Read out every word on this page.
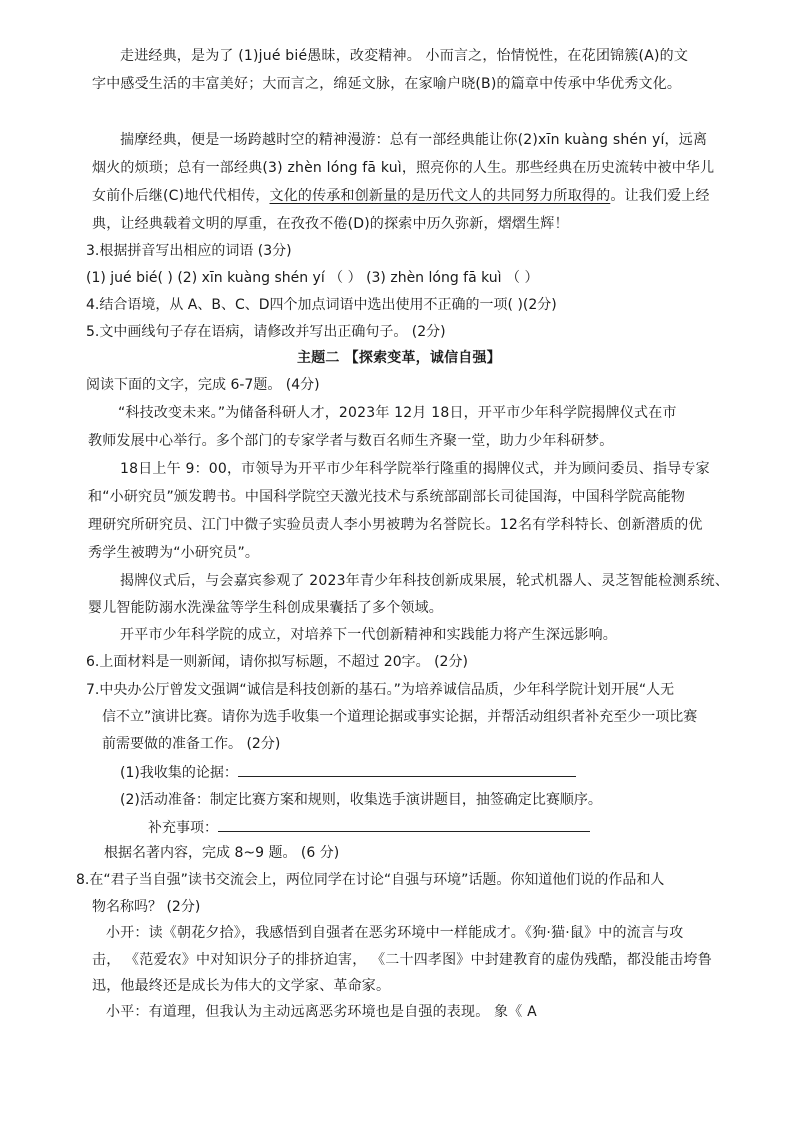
走进经典，是为了 (1)jué bié愚昧，改変精神。 小而言之，怡情悦性，在花团锦簇(A)的文
字中感受生活的丰富美好；大而言之，绵延文脉，在家喻户晓(B)的篇章中传承中华优秀文化。
揣摩经典，便是一场跨越时空的精神漫游：总有一部经典能让你(2)xīn kuàng shén yí，远离
烟火的烦琐；总有一部经典(3) zhèn lóng fā kuì，照亮你的人生。那些经典在历史流转中被中华儿
女前仆后继(C)地代代相传，文化的传承和创新量的是历代文人的共同努力所取得的。让我们爱上经
典，让经典载着文明的厚重，在孜孜不倦(D)的探索中历久弥新，熠熠生辉！
3.根据拼音写出相应的词语 (3分)
(1) jué bié( ) (2) xīn kuàng shén yí （ ） (3) zhèn lóng fā kuì （ ）
4.结合语境，从 A、B、C、D四个加点词语中选出使用不正确的一项( )(2分)
5.文中画线句子存在语病，请修改并写出正确句子。 (2分)
主题二 【探索变革，诚信自强】
阅读下面的文字，完成 6-7题。 (4分)
“科技改变未来。”为储备科研人才，2023年 12月 18日，开平市少年科学院揭牌仪式在市
教师发展中心举行。多个部门的专家学者与数百名师生齐聚一堂，助力少年科研梦。
18日上午 9：00，市领导为开平市少年科学院举行隆重的揭牌仪式，并为顾问委员、指导专家
和“小研究员”颁发聘书。中国科学院空天激光技术与系统部副部长司徒国海，中国科学院高能物
理研究所研究员、江门中微子实验员责人李小男被聘为名誉院长。12名有学科特长、创新潜质的优
秀学生被聘为“小研究员”。
揭牌仪式后，与会嘉宾参观了 2023年青少年科技创新成果展，轮式机器人、灵芝智能检测系统、
婴儿智能防溺水洗澡盆等学生科创成果囊括了多个领域。
开平市少年科学院的成立，对培养下一代创新精神和实践能力将产生深远影响。
6.上面材料是一则新闻，请你拟写标题，不超过 20字。 (2分)
7.中央办公厅曾发文强调“诚信是科技创新的基石。”为培养诚信品质，少年科学院计划开展“人无
信不立”演讲比赛。请你为选手收集一个道理论据或事实论据，并帮活动组织者补充至少一项比赛
前需要做的准备工作。 (2分)
(1)我收集的论据：
(2)活动准备：制定比赛方案和规则，收集选手演讲题目，抽签确定比赛顺序。
补充事项：
根据名著内容，完成 8~9 题。 (6 分)
8.在“君子当自强”读书交流会上，两位同学在讨论“自强与环境”话题。你知道他们说的作品和人
物名称吗？ (2分)
小开：读《朝花夕拾》，我感悟到自强者在恶劣环境中一样能成才。《狗·猫·鼠》中的流言与攻
击， 《范爱农》中对知识分子的排挤迫害， 《二十四孝图》中封建教育的虚伪残酷，都没能击垮鲁
迅，他最终还是成长为伟大的文学家、革命家。
小平：有道理，但我认为主动远离恶劣环境也是自强的表现。 象《 A
